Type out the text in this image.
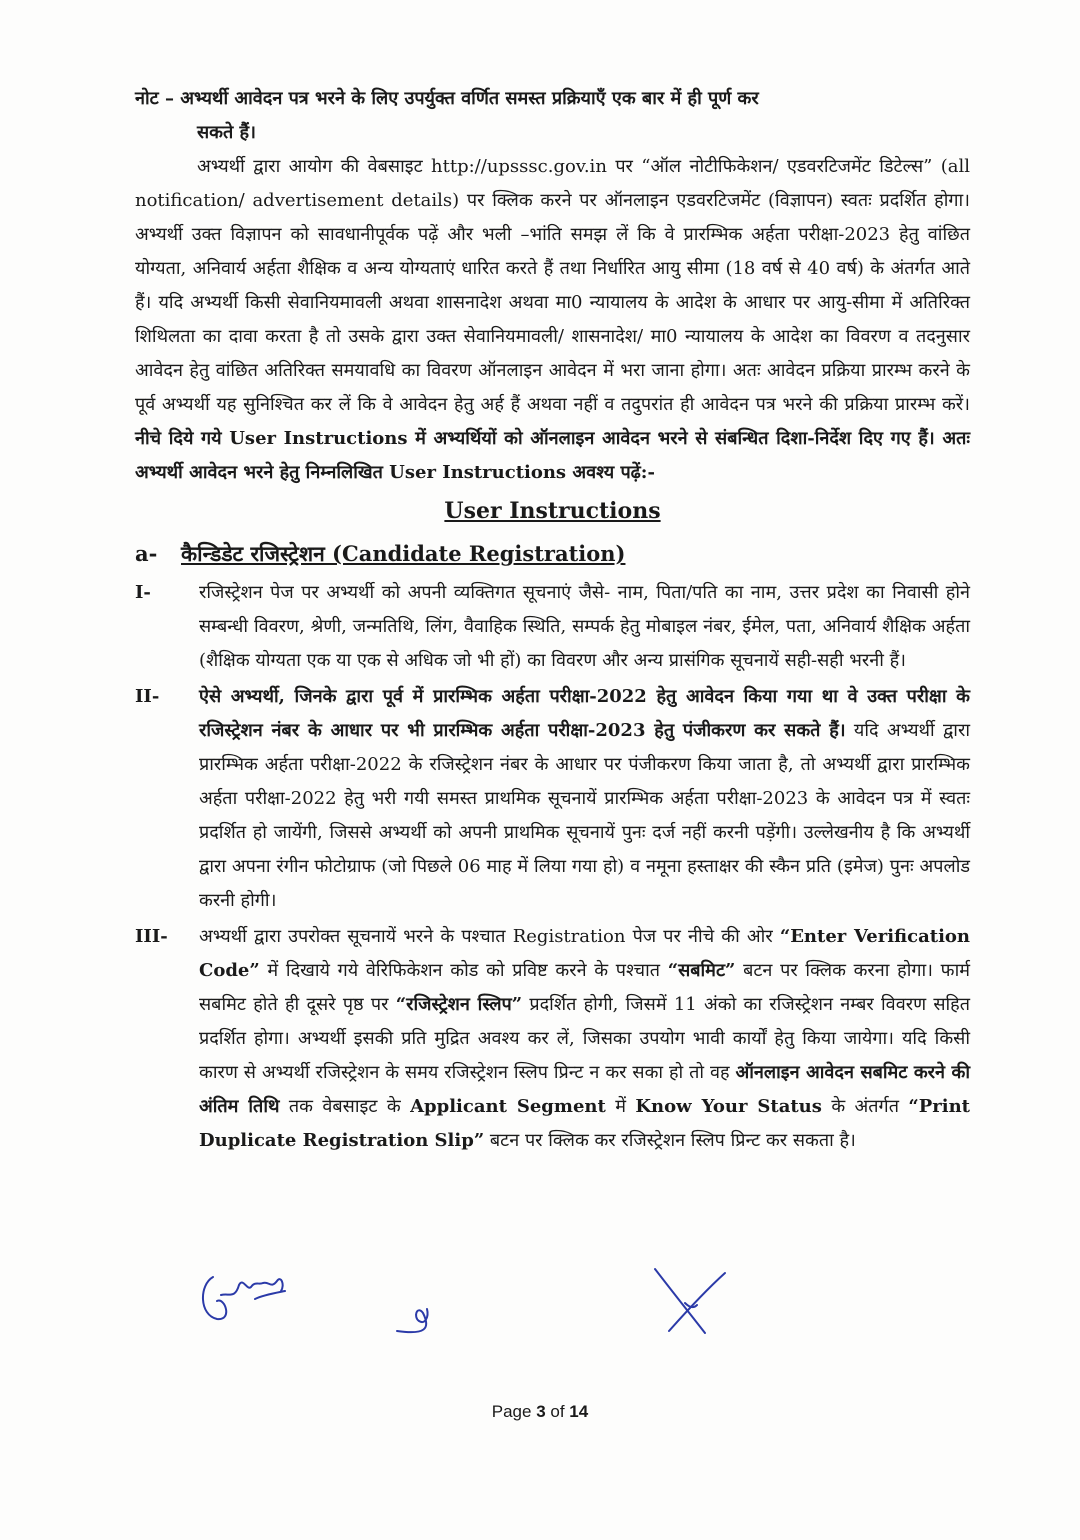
नोट – अभ्यर्थी आवेदन पत्र भरने के लिए उपर्युक्त वर्णित समस्त प्रक्रियाएँ एक बार में ही पूर्ण कर
सकते हैं।

अभ्यर्थी द्वारा आयोग की वेबसाइट http://upsssc.gov.in पर “ऑल नोटीफिकेशन/ एडवरटिजमेंट डिटेल्स” (all notification/ advertisement details) पर क्लिक करने पर ऑनलाइन एडवरटिजमेंट (विज्ञापन) स्वतः प्रदर्शित होगा। अभ्यर्थी उक्त विज्ञापन को सावधानीपूर्वक पढ़ें और भली –भांति समझ लें कि वे प्रारम्भिक अर्हता परीक्षा-2023 हेतु वांछित योग्यता, अनिवार्य अर्हता शैक्षिक व अन्य योग्यताएं धारित करते हैं तथा निर्धारित आयु सीमा (18 वर्ष से 40 वर्ष) के अंतर्गत आते हैं। यदि अभ्यर्थी किसी सेवानियमावली अथवा शासनादेश अथवा मा0 न्यायालय के आदेश के आधार पर आयु-सीमा में अतिरिक्त शिथिलता का दावा करता है तो उसके द्वारा उक्त सेवानियमावली/ शासनादेश/ मा0 न्यायालय के आदेश का विवरण व तदनुसार आवेदन हेतु वांछित अतिरिक्त समयावधि का विवरण ऑनलाइन आवेदन में भरा जाना होगा। अतः आवेदन प्रक्रिया प्रारम्भ करने के पूर्व अभ्यर्थी यह सुनिश्चित कर लें कि वे आवेदन हेतु अर्ह हैं अथवा नहीं व तदुपरांत ही आवेदन पत्र भरने की प्रक्रिया प्रारम्भ करें। नीचे दिये गये User Instructions में अभ्यर्थियों को ऑनलाइन आवेदन भरने से संबन्धित दिशा-निर्देश दिए गए हैं। अतः अभ्यर्थी आवेदन भरने हेतु निम्नलिखित User Instructions अवश्य पढ़ें:-

User Instructions
a-	कैन्डिडेट रजिस्ट्रेशन (Candidate Registration)
I-	रजिस्ट्रेशन पेज पर अभ्यर्थी को अपनी व्यक्तिगत सूचनाएं जैसे- नाम, पिता/पति का नाम, उत्तर प्रदेश का निवासी होने सम्बन्धी विवरण, श्रेणी, जन्मतिथि, लिंग, वैवाहिक स्थिति, सम्पर्क हेतु मोबाइल नंबर, ईमेल, पता, अनिवार्य शैक्षिक अर्हता (शैक्षिक योग्यता एक या एक से अधिक जो भी हों) का विवरण और अन्य प्रासंगिक सूचनायें सही-सही भरनी हैं।
II-	ऐसे अभ्यर्थी, जिनके द्वारा पूर्व में प्रारम्भिक अर्हता परीक्षा-2022 हेतु आवेदन किया गया था वे उक्त परीक्षा के रजिस्ट्रेशन नंबर के आधार पर भी प्रारम्भिक अर्हता परीक्षा-2023 हेतु पंजीकरण कर सकते हैं। यदि अभ्यर्थी द्वारा प्रारम्भिक अर्हता परीक्षा-2022 के रजिस्ट्रेशन नंबर के आधार पर पंजीकरण किया जाता है, तो अभ्यर्थी द्वारा प्रारम्भिक अर्हता परीक्षा-2022 हेतु भरी गयी समस्त प्राथमिक सूचनायें प्रारम्भिक अर्हता परीक्षा-2023 के आवेदन पत्र में स्वतः प्रदर्शित हो जायेंगी, जिससे अभ्यर्थी को अपनी प्राथमिक सूचनायें पुनः दर्ज नहीं करनी पड़ेंगी। उल्लेखनीय है कि अभ्यर्थी द्वारा अपना रंगीन फोटोग्राफ (जो पिछले 06 माह में लिया गया हो) व नमूना हस्ताक्षर की स्कैन प्रति (इमेज) पुनः अपलोड करनी होगी।
III-	अभ्यर्थी द्वारा उपरोक्त सूचनायें भरने के पश्चात Registration पेज पर नीचे की ओर “Enter Verification Code” में दिखाये गये वेरिफिकेशन कोड को प्रविष्ट करने के पश्चात “सबमिट” बटन पर क्लिक करना होगा। फार्म सबमिट होते ही दूसरे पृष्ठ पर “रजिस्ट्रेशन स्लिप” प्रदर्शित होगी, जिसमें 11 अंको का रजिस्ट्रेशन नम्बर विवरण सहित प्रदर्शित होगा। अभ्यर्थी इसकी प्रति मुद्रित अवश्य कर लें, जिसका उपयोग भावी कार्यों हेतु किया जायेगा। यदि किसी कारण से अभ्यर्थी रजिस्ट्रेशन के समय रजिस्ट्रेशन स्लिप प्रिन्ट न कर सका हो तो वह ऑनलाइन आवेदन सबमिट करने की अंतिम तिथि तक वेबसाइट के Applicant Segment में Know Your Status के अंतर्गत “Print Duplicate Registration Slip” बटन पर क्लिक कर रजिस्ट्रेशन स्लिप प्रिन्ट कर सकता है।
Page 3 of 14
